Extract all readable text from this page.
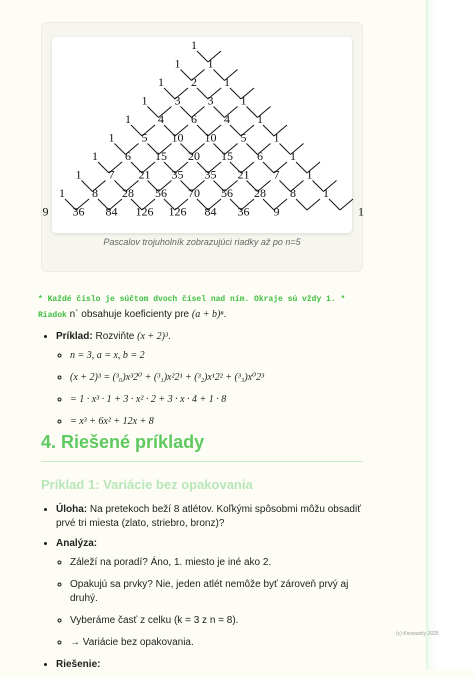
1
1 1
1 2 1
1 3 3 1
1 4 6 4 1
1 5 10 10 5 1
1 6 15 20 15 6 1
1 7 21 35 35 21 7 1
1 8 28 56 70 56 28 8 1
9 36 84 126 126 84 36 9	1
Pascalov trojuholník zobrazujúci riadky až po n=5
* Každé číslo je súčtom dvoch čísel nad ním. Okraje sú vždy 1. *
Riadok n` obsahuje koeficienty pre (a + b)ⁿ.
• Príklad: Rozviňte (x + 2)³.
◦ n = 3, a = x, b = 2
◦ (x + 2)³ = (³₀)x³2⁰ + (³₁)x²2¹ + (³₂)x¹2² + (³₃)x⁰2³
◦ = 1 · x³ · 1 + 3 · x² · 2 + 3 · x · 4 + 1 · 8
◦ = x³ + 6x² + 12x + 8
4. Riešené príklady
Príklad 1: Variácie bez opakovania
• Úloha: Na pretekoch beží 8 atlétov. Koľkými spôsobmi môžu obsadiť prvé tri miesta (zlato, striebro, bronz)?
• Analýza:
◦ Záleží na poradí? Áno, 1. miesto je iné ako 2.
◦ Opakujú sa prvky? Nie, jeden atlét nemôže byť zároveň prvý aj druhý.
◦ Vyberáme časť z celku (k = 3 z n = 8).
◦ → Variácie bez opakovania.
• Riešenie:
(c) Knowunity 2025
